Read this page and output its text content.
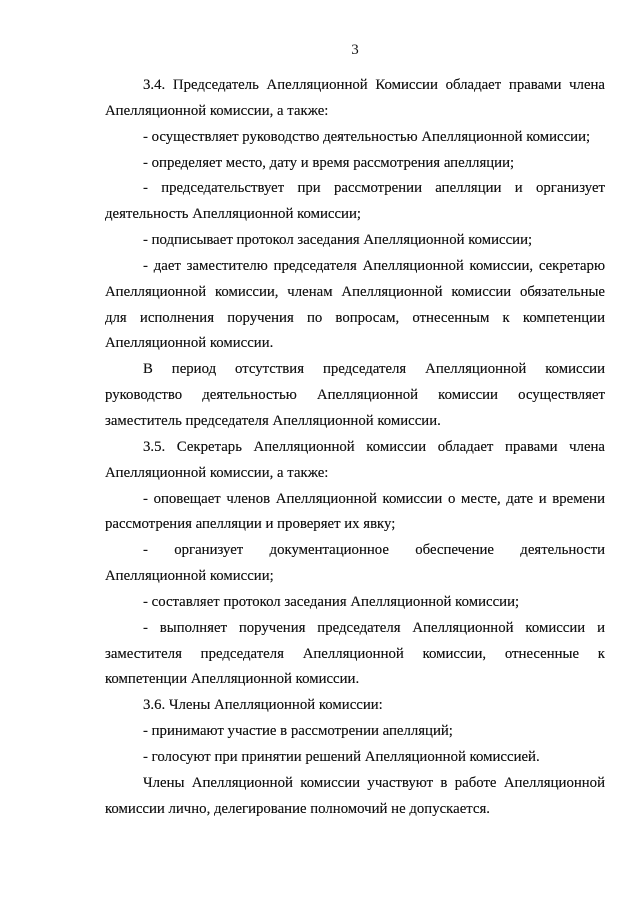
3
3.4. Председатель Апелляционной Комиссии обладает правами члена
Апелляционной комиссии, а также:
- осуществляет руководство деятельностью Апелляционной комиссии;
- определяет место, дату и время рассмотрения апелляции;
- председательствует при рассмотрении апелляции и организует
деятельность Апелляционной комиссии;
- подписывает протокол заседания Апелляционной комиссии;
- дает заместителю председателя Апелляционной комиссии, секретарю
Апелляционной комиссии, членам Апелляционной комиссии обязательные
для исполнения поручения по вопросам, отнесенным к компетенции
Апелляционной комиссии.
В период отсутствия председателя Апелляционной комиссии
руководство деятельностью Апелляционной комиссии осуществляет
заместитель председателя Апелляционной комиссии.
3.5. Секретарь Апелляционной комиссии обладает правами члена
Апелляционной комиссии, а также:
- оповещает членов Апелляционной комиссии о месте, дате и времени
рассмотрения апелляции и проверяет их явку;
- организует документационное обеспечение деятельности
Апелляционной комиссии;
- составляет протокол заседания Апелляционной комиссии;
- выполняет поручения председателя Апелляционной комиссии и
заместителя председателя Апелляционной комиссии, отнесенные к
компетенции Апелляционной комиссии.
3.6. Члены Апелляционной комиссии:
- принимают участие в рассмотрении апелляций;
- голосуют при принятии решений Апелляционной комиссией.
Члены Апелляционной комиссии участвуют в работе Апелляционной
комиссии лично, делегирование полномочий не допускается.
